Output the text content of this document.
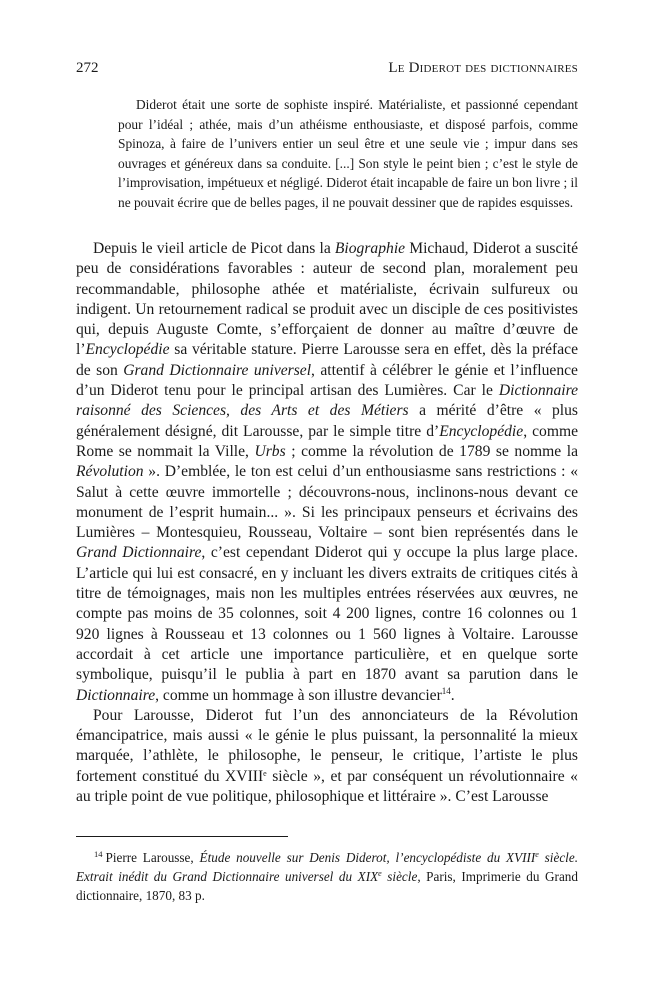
272	Le Diderot des dictionnaires

Diderot était une sorte de sophiste inspiré. Matérialiste, et passionné cependant pour l’idéal ; athée, mais d’un athéisme enthousiaste, et disposé parfois, comme Spinoza, à faire de l’univers entier un seul être et une seule vie ; impur dans ses ouvrages et généreux dans sa conduite. [...] Son style le peint bien ; c’est le style de l’improvisation, impétueux et négligé. Diderot était incapable de faire un bon livre ; il ne pouvait écrire que de belles pages, il ne pouvait dessiner que de rapides esquisses.

Depuis le vieil article de Picot dans la Biographie Michaud, Diderot a suscité peu de considérations favorables : auteur de second plan, moralement peu recommandable, philosophe athée et matérialiste, écrivain sulfureux ou indigent. Un retournement radical se produit avec un disciple de ces positivistes qui, depuis Auguste Comte, s’efforçaient de donner au maître d’œuvre de l’Encyclopédie sa véritable stature. Pierre Larousse sera en effet, dès la préface de son Grand Dictionnaire universel, attentif à célébrer le génie et l’influence d’un Diderot tenu pour le principal artisan des Lumières. Car le Dictionnaire raisonné des Sciences, des Arts et des Métiers a mérité d’être « plus généralement désigné, dit Larousse, par le simple titre d’Encyclopédie, comme Rome se nommait la Ville, Urbs ; comme la révolution de 1789 se nomme la Révolution ». D’emblée, le ton est celui d’un enthousiasme sans restrictions : « Salut à cette œuvre immortelle ; découvrons-nous, inclinons-nous devant ce monument de l’esprit humain... ». Si les principaux penseurs et écrivains des Lumières – Montesquieu, Rousseau, Voltaire – sont bien représentés dans le Grand Dictionnaire, c’est cependant Diderot qui y occupe la plus large place. L’article qui lui est consacré, en y incluant les divers extraits de critiques cités à titre de témoignages, mais non les multiples entrées réservées aux œuvres, ne compte pas moins de 35 colonnes, soit 4 200 lignes, contre 16 colonnes ou 1 920 lignes à Rousseau et 13 colonnes ou 1 560 lignes à Voltaire. Larousse accordait à cet article une importance particulière, et en quelque sorte symbolique, puisqu’il le publia à part en 1870 avant sa parution dans le Dictionnaire, comme un hommage à son illustre devancier$^{14}$.

Pour Larousse, Diderot fut l’un des annonciateurs de la Révolution émancipatrice, mais aussi « le génie le plus puissant, la personnalité la mieux marquée, l’athlète, le philosophe, le penseur, le critique, l’artiste le plus fortement constitué du XVIIIe siècle », et par conséquent un révolutionnaire « au triple point de vue politique, philosophique et littéraire ». C’est Larousse

$^{14}$ Pierre Larousse, Étude nouvelle sur Denis Diderot, l’encyclopédiste du XVIIIe siècle. Extrait inédit du Grand Dictionnaire universel du XIXe siècle, Paris, Imprimerie du Grand dictionnaire, 1870, 83 p.
